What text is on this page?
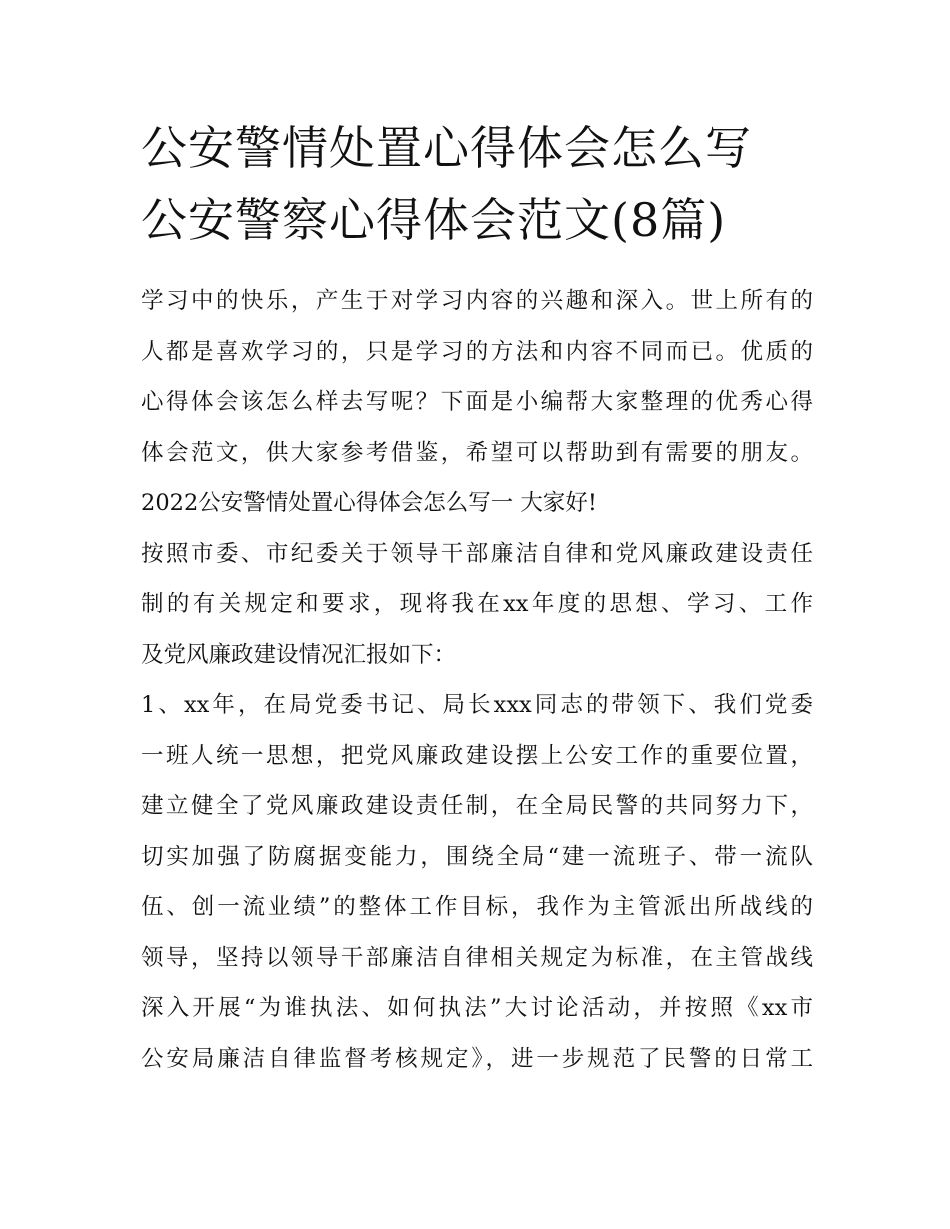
公安警情处置心得体会怎么写
公安警察心得体会范文(8篇)
学习中的快乐，产生于对学习内容的兴趣和深入。世上所有的
人都是喜欢学习的，只是学习的方法和内容不同而已。优质的
心得体会该怎么样去写呢？下面是小编帮大家整理的优秀心得
体会范文，供大家参考借鉴，希望可以帮助到有需要的朋友。
2022公安警情处置心得体会怎么写一 大家好!
按照市委、市纪委关于领导干部廉洁自律和党风廉政建设责任
制的有关规定和要求，现将我在xx年度的思想、学习、工作
及党风廉政建设情况汇报如下：
1、xx年，在局党委书记、局长xxx同志的带领下、我们党委
一班人统一思想，把党风廉政建设摆上公安工作的重要位置，
建立健全了党风廉政建设责任制，在全局民警的共同努力下，
切实加强了防腐据变能力，围绕全局“建一流班子、带一流队
伍、创一流业绩”的整体工作目标，我作为主管派出所战线的
领导，坚持以领导干部廉洁自律相关规定为标准，在主管战线
深入开展“为谁执法、如何执法”大讨论活动，并按照《xx市
公安局廉洁自律监督考核规定》，进一步规范了民警的日常工
